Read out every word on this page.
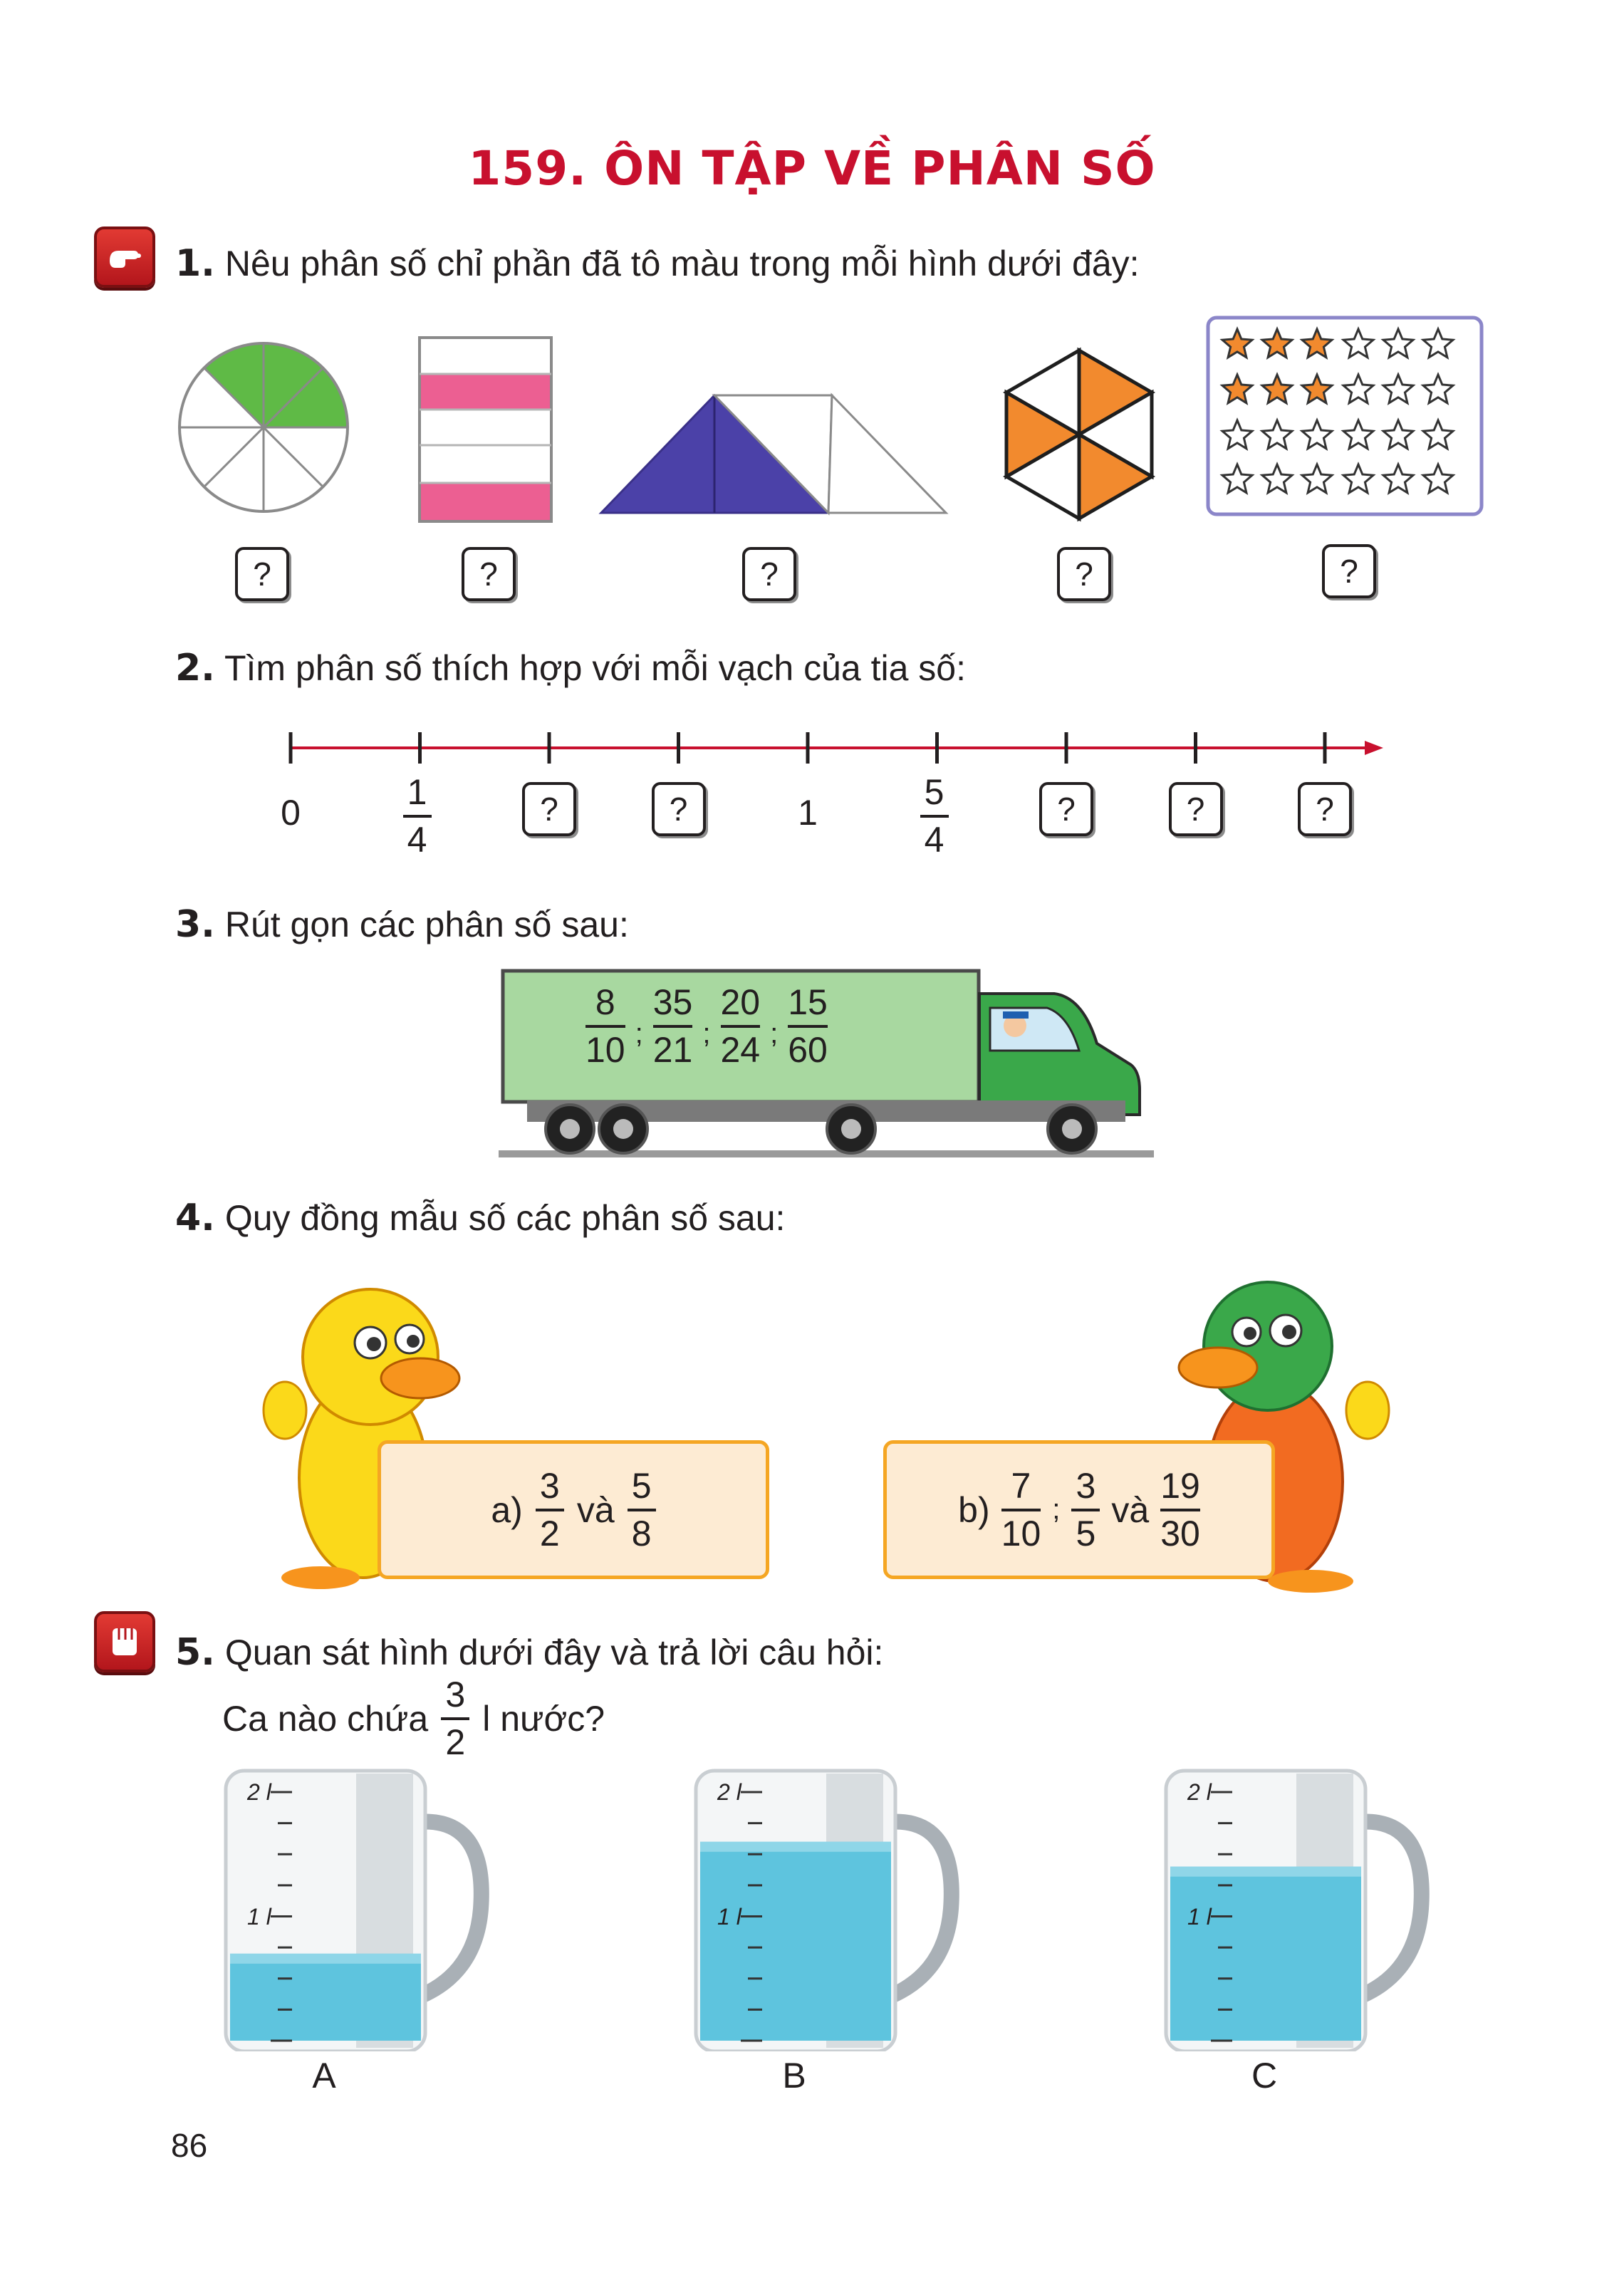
159. ÔN TẬP VỀ PHÂN SỐ
1. Nêu phân số chỉ phần đã tô màu trong mỗi hình dưới đây:
?	?	?	?	?
2. Tìm phân số thích hợp với mỗi vạch của tia số:
0
1
4
?	?	1
5
4
?	?	?
3. Rút gọn các phân số sau:
$\frac{8}{10}$ ; $\frac{35}{21}$ ; $\frac{20}{24}$ ; $\frac{15}{60}$
4. Quy đồng mẫu số các phân số sau:
$a) \frac{3}{2}$ và $\frac{5}{8}$	$b) \frac{7}{10}$ ; $\frac{3}{5}$ và $\frac{19}{30}$
5. Quan sát hình dưới đây và trả lời câu hỏi:
Ca nào chứa $\frac{3}{2}$ l nước?
2 l
1 l
A
2 l
1 l
B
2 l
1 l
C
86
